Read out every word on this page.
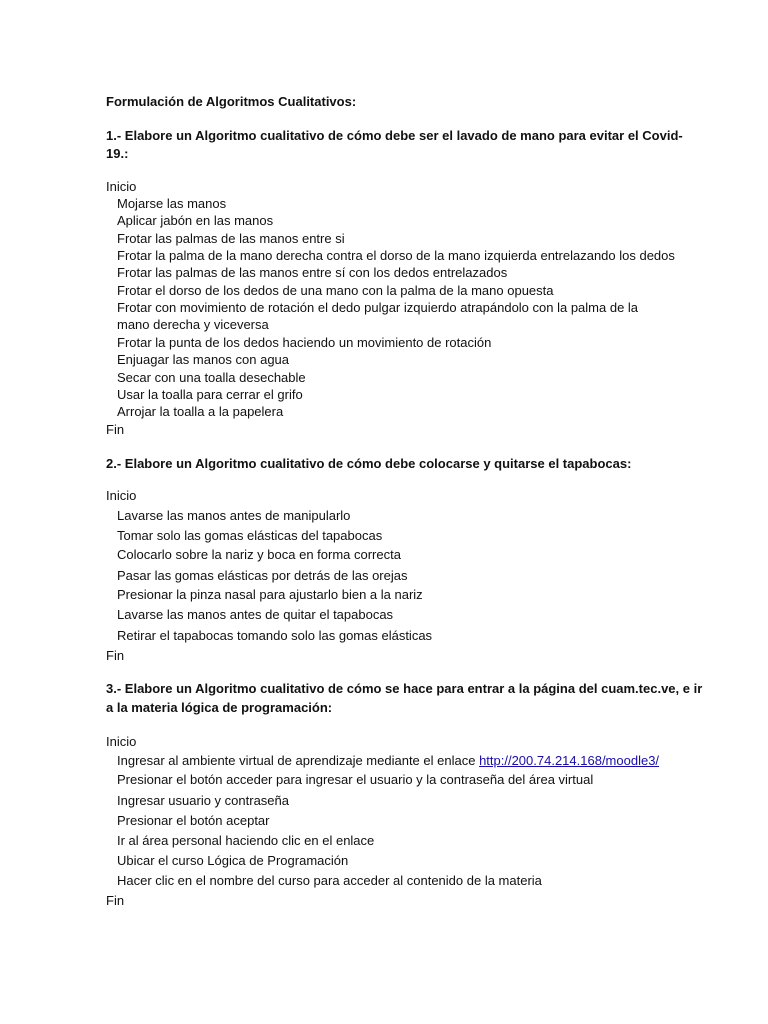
Formulación de Algoritmos Cualitativos:
1.- Elabore un Algoritmo cualitativo de cómo debe ser el lavado de mano para evitar el Covid-
19.:
Inicio
Mojarse las manos
Aplicar jabón en las manos
Frotar las palmas de las manos entre si
Frotar la palma de la mano derecha contra el dorso de la mano izquierda entrelazando los dedos
Frotar las palmas de las manos entre sí con los dedos entrelazados
Frotar el dorso de los dedos de una mano con la palma de la mano opuesta
Frotar con movimiento de rotación el dedo pulgar izquierdo atrapándolo con la palma de la
mano derecha y viceversa
Frotar la punta de los dedos haciendo un movimiento de rotación
Enjuagar las manos con agua
Secar con una toalla desechable
Usar la toalla para cerrar el grifo
Arrojar la toalla a la papelera
Fin
2.- Elabore un Algoritmo cualitativo de cómo debe colocarse y quitarse el tapabocas:
Inicio
Lavarse las manos antes de manipularlo
Tomar solo las gomas elásticas del tapabocas
Colocarlo sobre la nariz y boca en forma correcta
Pasar las gomas elásticas por detrás de las orejas
Presionar la pinza nasal para ajustarlo bien a la nariz
Lavarse las manos antes de quitar el tapabocas
Retirar el tapabocas tomando solo las gomas elásticas
Fin
3.- Elabore un Algoritmo cualitativo de cómo se hace para entrar a la página del cuam.tec.ve, e ir
a la materia lógica de programación:
Inicio
Ingresar al ambiente virtual de aprendizaje mediante el enlace http://200.74.214.168/moodle3/
Presionar el botón acceder para ingresar el usuario y la contraseña del área virtual
Ingresar usuario y contraseña
Presionar el botón aceptar
Ir al área personal haciendo clic en el enlace
Ubicar el curso Lógica de Programación
Hacer clic en el nombre del curso para acceder al contenido de la materia
Fin
